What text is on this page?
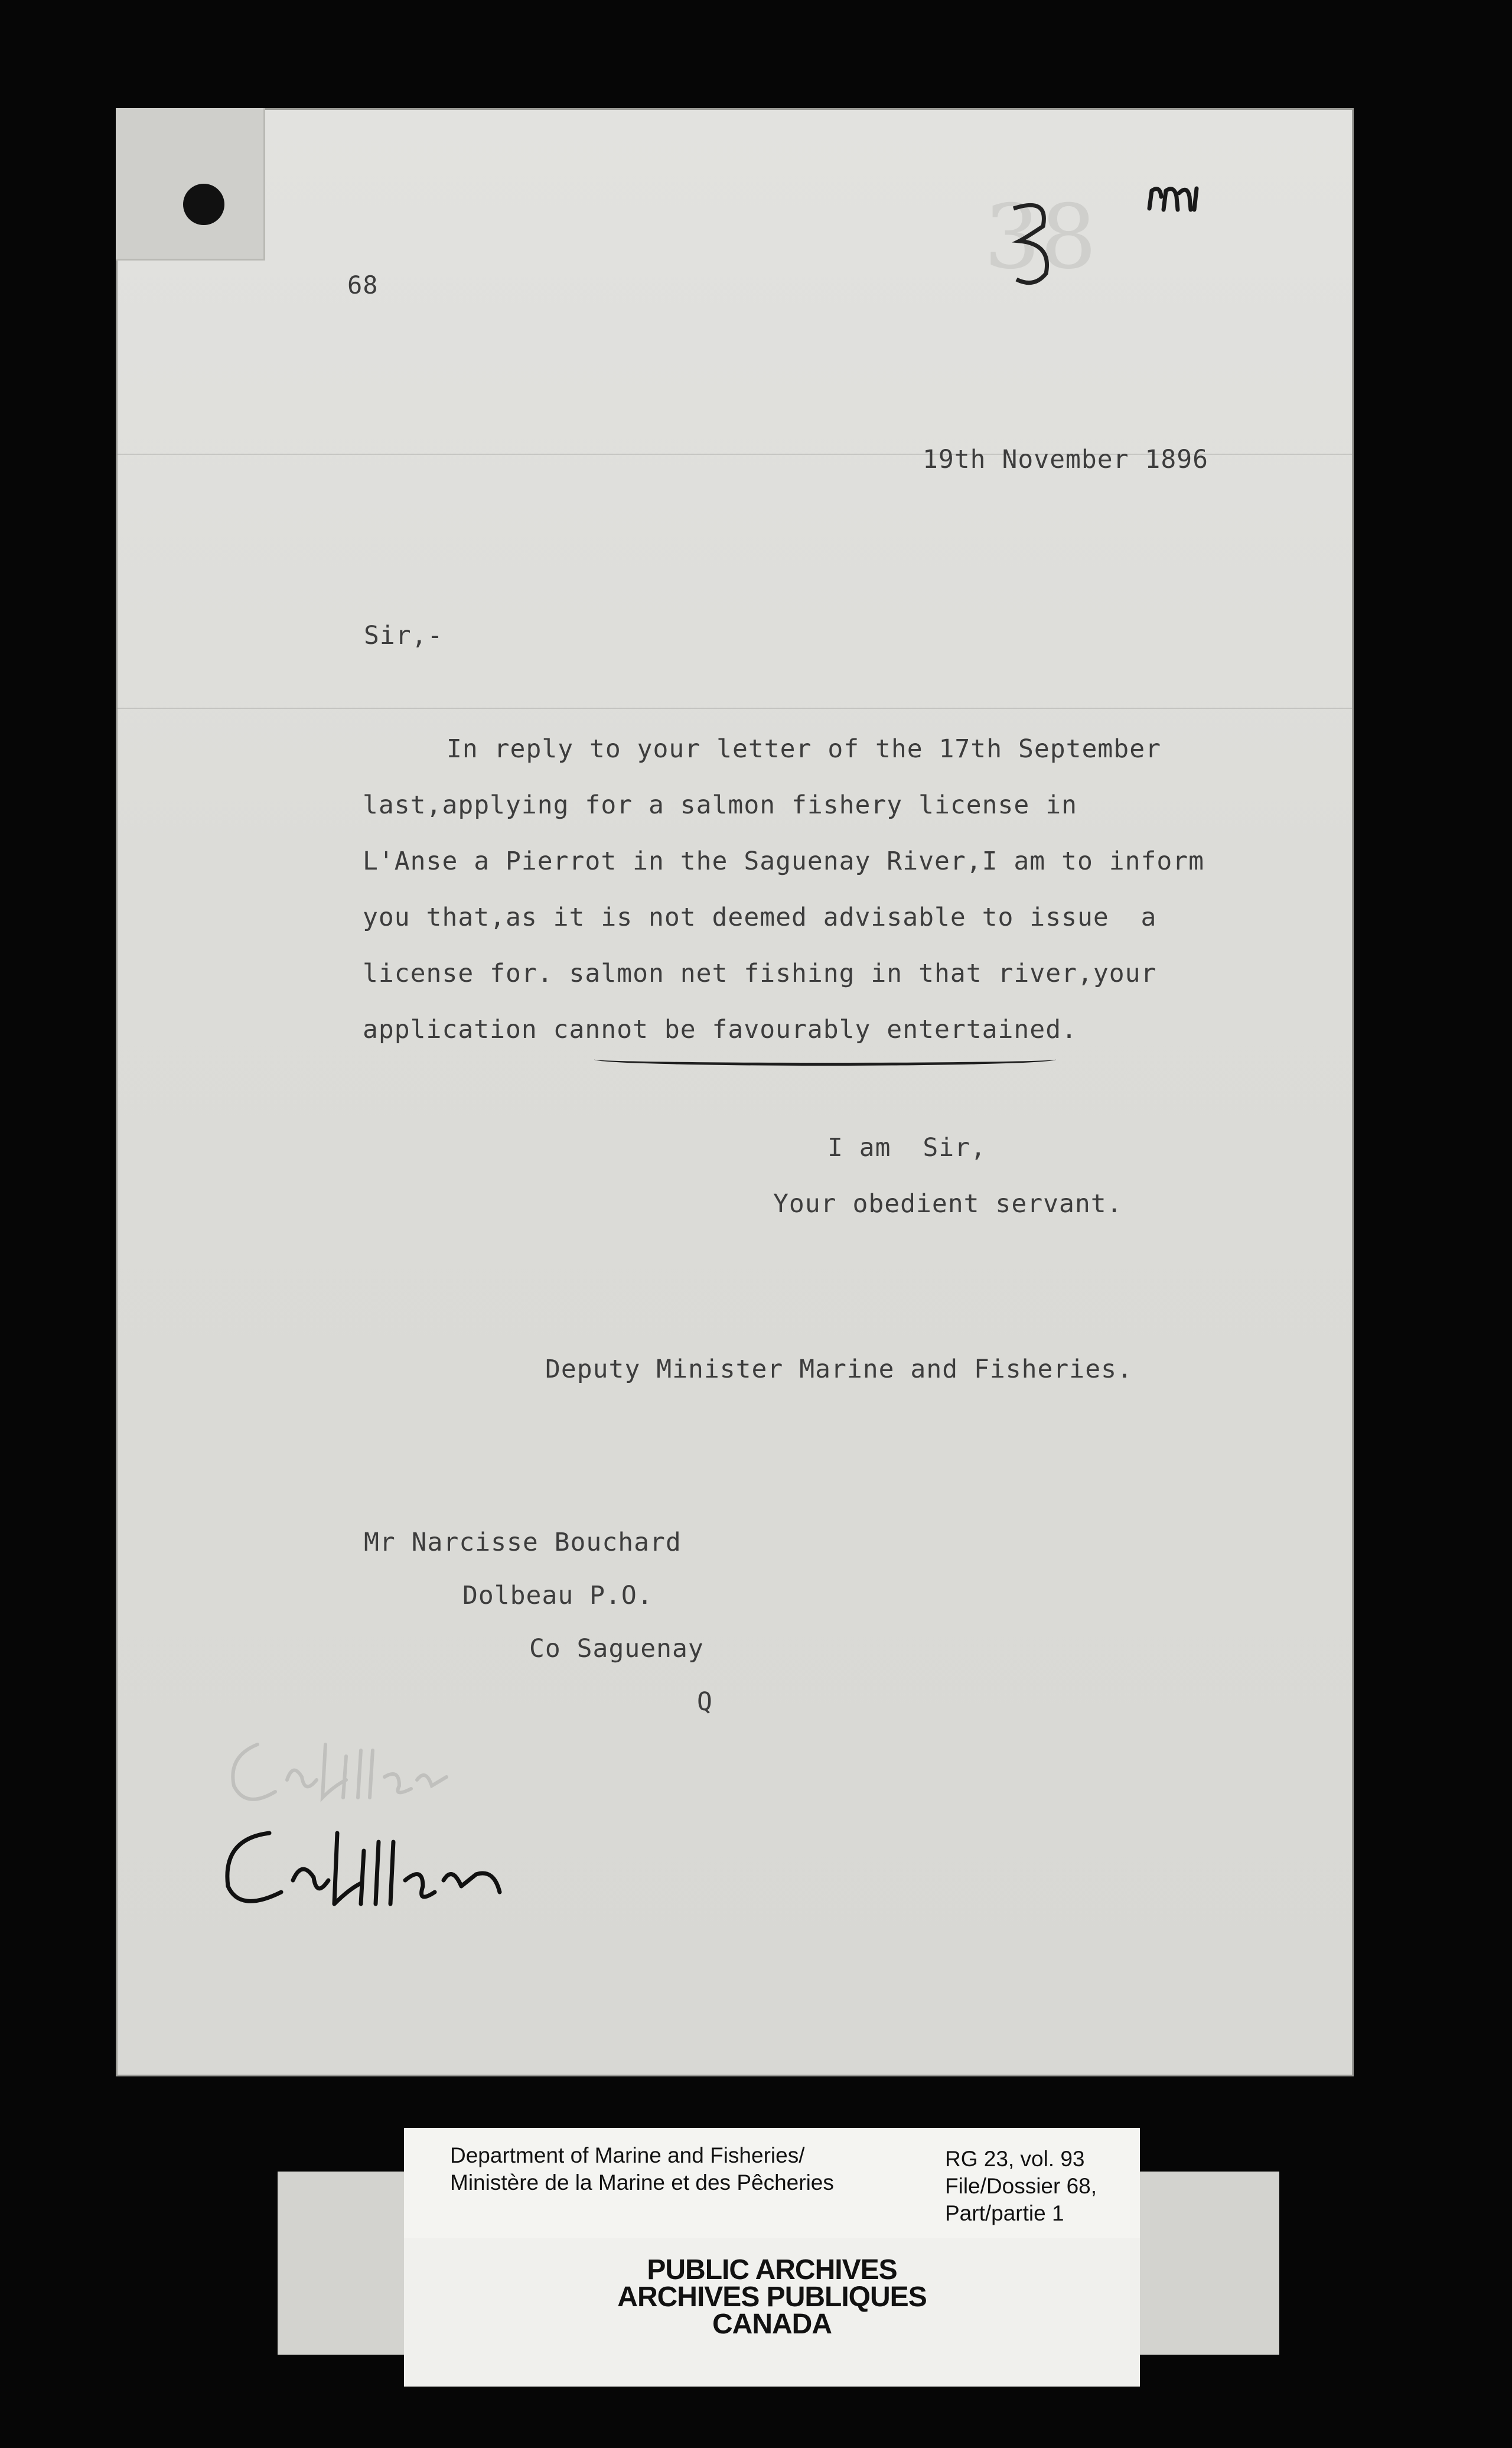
38
68
19th November 1896
Sir,-
In reply to your letter of the 17th September
last,applying for a salmon fishery license in
L'Anse a Pierrot in the Saguenay River,I am to inform
you that,as it is not deemed advisable to issue  a
license for. salmon net fishing in that river,your
application cannot be favourably entertained.
I am  Sir,
Your obedient servant.
Deputy Minister Marine and Fisheries.
Mr Narcisse Bouchard
Dolbeau P.O.
Co Saguenay
Q
Department of Marine and Fisheries/
Ministère de la Marine et des Pêcheries
RG 23, vol. 93
File/Dossier 68,
Part/partie 1
PUBLIC ARCHIVES
ARCHIVES PUBLIQUES
CANADA
